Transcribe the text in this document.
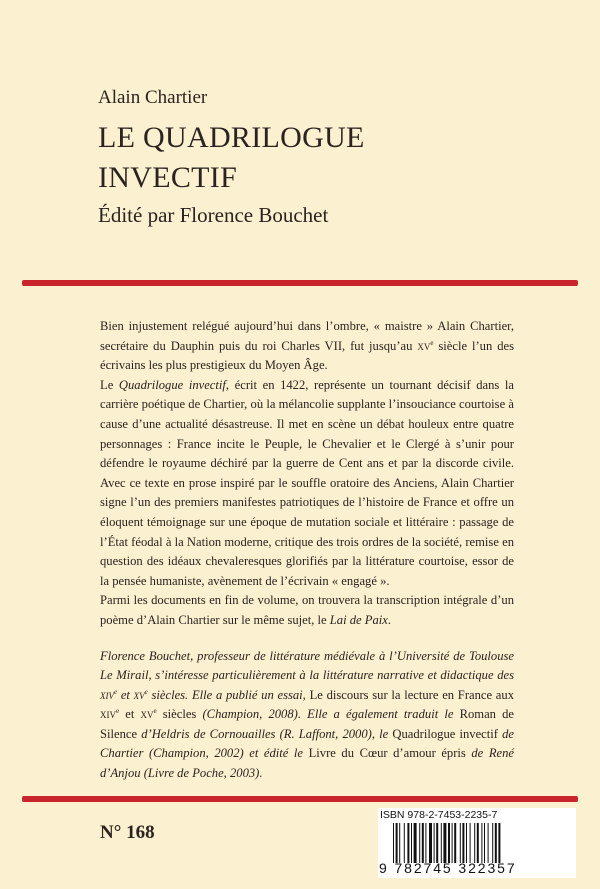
Alain Chartier
LE QUADRILOGUE
INVECTIF
Édité par Florence Bouchet

Bien injustement relégué aujourd’hui dans l’ombre, « maistre » Alain Chartier, secrétaire du Dauphin puis du roi Charles VII, fut jusqu’au $xv^e$ siècle l’un des écrivains les plus prestigieux du Moyen Âge.

Le Quadrilogue invectif, écrit en 1422, représente un tournant décisif dans la carrière poétique de Chartier, où la mélancolie supplante l’insouciance courtoise à cause d’une actualité désastreuse. Il met en scène un débat houleux entre quatre personnages : France incite le Peuple, le Chevalier et le Clergé à s’unir pour défendre le royaume déchiré par la guerre de Cent ans et par la discorde civile. Avec ce texte en prose inspiré par le souffle oratoire des Anciens, Alain Chartier signe l’un des premiers manifestes patriotiques de l’histoire de France et offre un éloquent témoignage sur une époque de mutation sociale et littéraire : passage de l’État féodal à la Nation moderne, critique des trois ordres de la société, remise en question des idéaux chevaleresques glorifiés par la littérature courtoise, essor de la pensée humaniste, avènement de l’écrivain « engagé ».

Parmi les documents en fin de volume, on trouvera la transcription intégrale d’un poème d’Alain Chartier sur le même sujet, le Lai de Paix.

Florence Bouchet, professeur de littérature médiévale à l’Université de Toulouse Le Mirail, s’intéresse particulièrement à la littérature narrative et didactique des xiv$^e$ et $xv^e$ siècles. Elle a publié un essai, Le discours sur la lecture en France aux xiv$^e$ et $xv^e$ siècles (Champion, 2008). Elle a également traduit le Roman de Silence d’Heldris de Cornouailles (R. Laffont, 2000), le Quadrilogue invectif de Chartier (Champion, 2002) et édité le Livre du Cœur d’amour épris de René d’Anjou (Livre de Poche, 2003).

N° 168
ISBN 978-2-7453-2235-7
9 782745 322357
